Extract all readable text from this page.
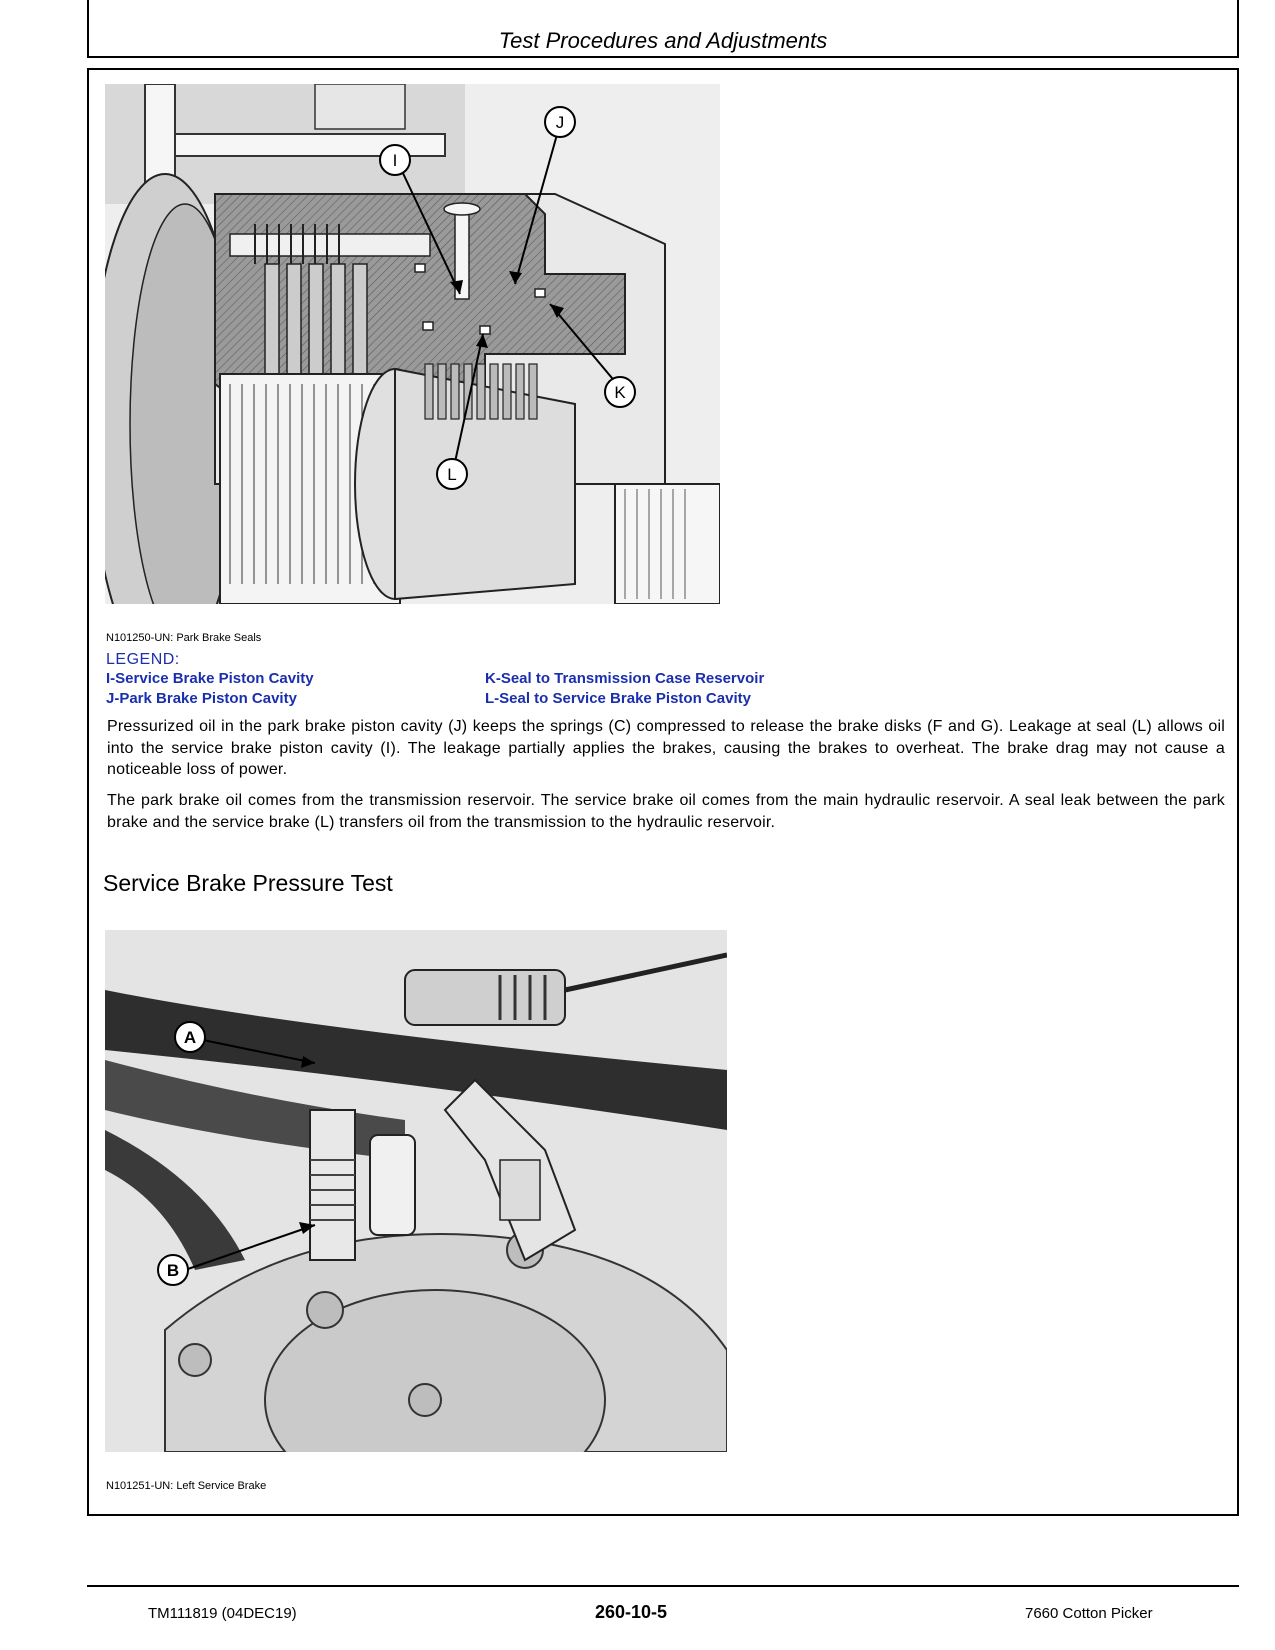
Test Procedures and Adjustments
I
J
K
L
N101250-UN: Park Brake Seals
LEGEND:
I-Service Brake Piston Cavity
J-Park Brake Piston Cavity
K-Seal to Transmission Case Reservoir
L-Seal to Service Brake Piston Cavity
Pressurized oil in the park brake piston cavity (J) keeps the springs (C) compressed to release the brake disks (F and G). Leakage at seal (L) allows oil into the service brake piston cavity (I). The leakage partially applies the brakes, causing the brakes to overheat. The brake drag may not cause a noticeable loss of power.
The park brake oil comes from the transmission reservoir. The service brake oil comes from the main hydraulic reservoir. A seal leak between the park brake and the service brake (L) transfers oil from the transmission to the hydraulic reservoir.
Service Brake Pressure Test
A
B
N101251-UN: Left Service Brake
TM111819 (04DEC19)	260-10-5	7660 Cotton Picker
